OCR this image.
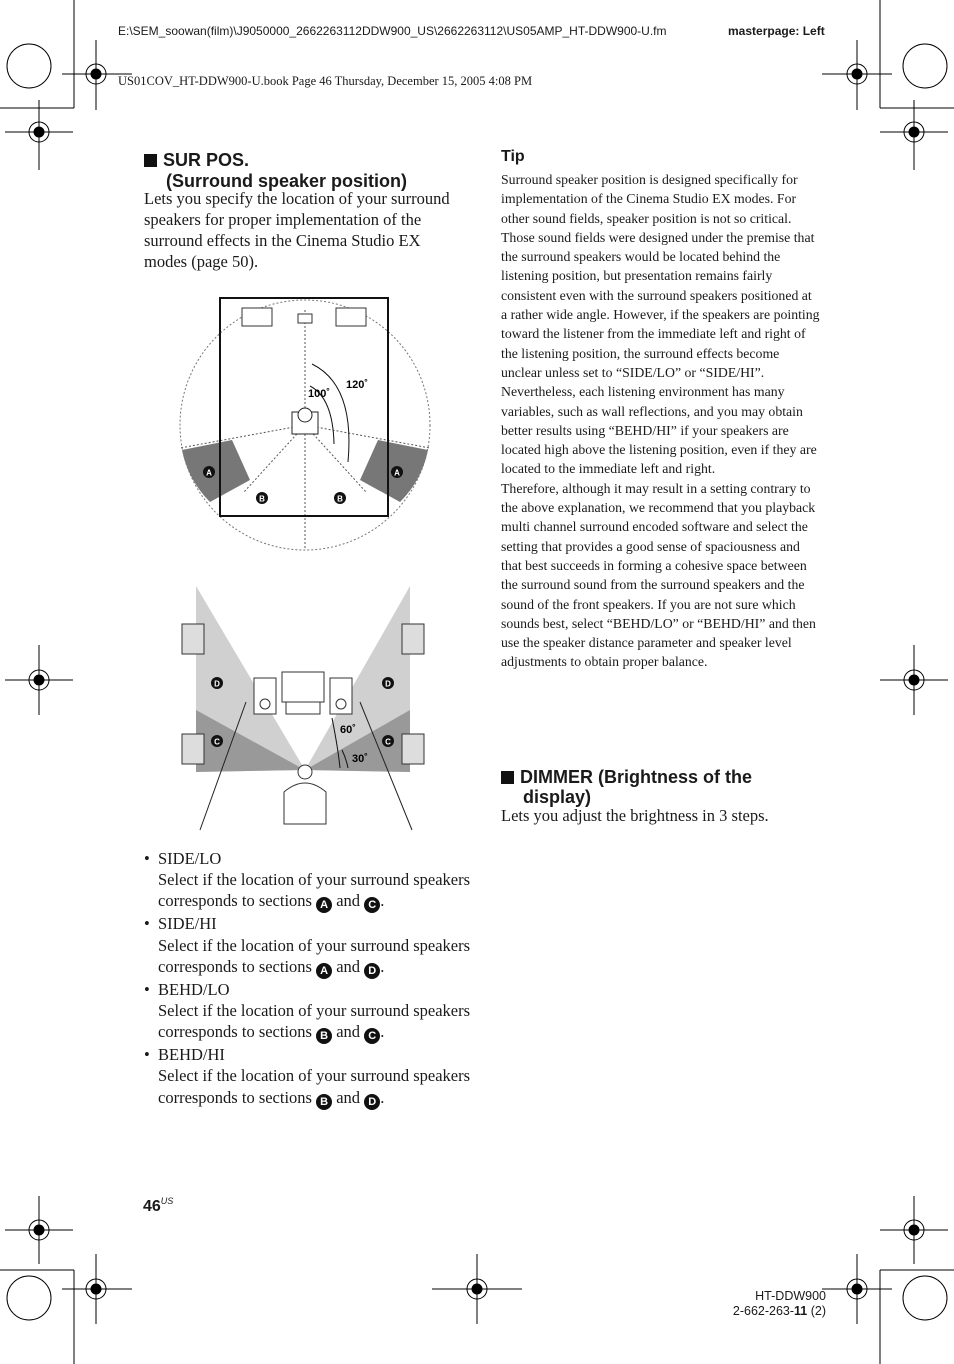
E:\SEM_soowan(film)\J9050000_2662263112DDW900_US\2662263112\US05AMP_HT-DDW900-U.fm	masterpage: Left
US01COV_HT-DDW900-U.book Page 46 Thursday, December 15, 2005 4:08 PM
SUR POS.
(Surround speaker position)
Lets you specify the location of your surround speakers for proper implementation of the surround effects in the Cinema Studio EX modes (page 50).
A	A
B	B
100˚
120˚
D	D
C	C
60˚
30˚
• SIDE/LO
Select if the location of your surround speakers corresponds to sections A and C .
• SIDE/HI
Select if the location of your surround speakers corresponds to sections A and D .
• BEHD/LO
Select if the location of your surround speakers corresponds to sections B and C .
• BEHD/HI
Select if the location of your surround speakers corresponds to sections B and D .
Tip

Surround speaker position is designed specifically for implementation of the Cinema Studio EX modes. For other sound fields, speaker position is not so critical.

Those sound fields were designed under the premise that the surround speakers would be located behind the listening position, but presentation remains fairly consistent even with the surround speakers positioned at a rather wide angle. However, if the speakers are pointing toward the listener from the immediate left and right of the listening position, the surround effects become unclear unless set to “SIDE/LO” or “SIDE/HI”.

Nevertheless, each listening environment has many variables, such as wall reflections, and you may obtain better results using “BEHD/HI” if your speakers are located high above the listening position, even if they are located to the immediate left and right.

Therefore, although it may result in a setting contrary to the above explanation, we recommend that you playback multi channel surround encoded software and select the setting that provides a good sense of spaciousness and that best succeeds in forming a cohesive space between the surround sound from the surround speakers and the sound of the front speakers. If you are not sure which sounds best, select “BEHD/LO” or “BEHD/HI” and then use the speaker distance parameter and speaker level adjustments to obtain proper balance.

DIMMER (Brightness of the
display)
Lets you adjust the brightness in 3 steps.
$46^{US}$
HT-DDW900
2-662-263-11 (2)
